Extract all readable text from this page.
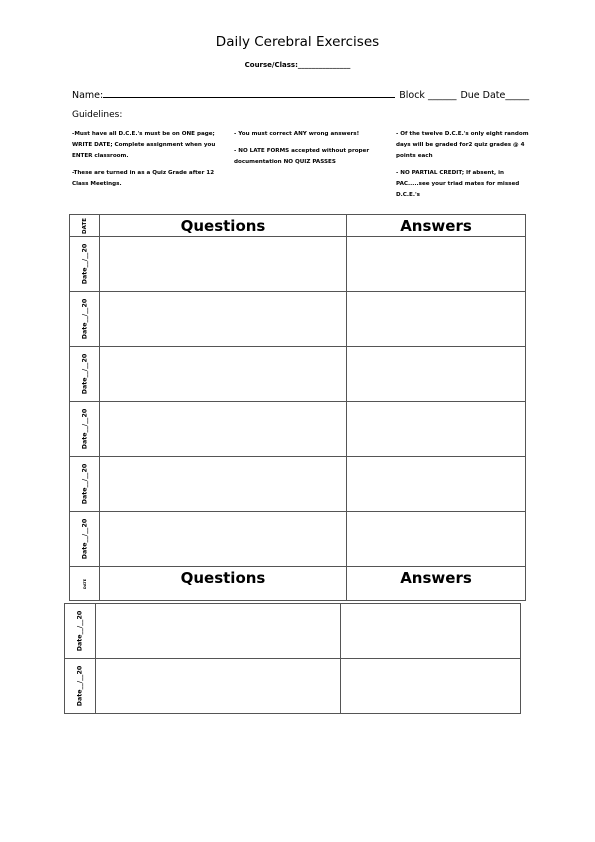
Daily Cerebral Exercises
Course/Class:_______________
Name:	Block ______ Due Date_____
Guidelines:

-Must have all D.C.E.'s must be on ONE page; WRITE DATE; Complete assignment when you ENTER classroom.

-These are turned in as a Quiz Grade after 12 Class Meetings.

- You must correct ANY wrong answers!

- NO LATE FORMS accepted without proper documentation NO QUIZ PASSES

- Of the twelve D.C.E.'s only eight random days will be graded for2 quiz grades @ 4 points each

- NO PARTIAL CREDIT; If absent, in PAC.....see your triad mates for missed D.C.E.'s

DATE	Questions	Answers

Date__/__20		

Date__/__20		

Date__/__20		

Date__/__20		

Date__/__20		

Date__/__20		

DATE	Questions	Answers
Date__/__20		

Date__/__20		
